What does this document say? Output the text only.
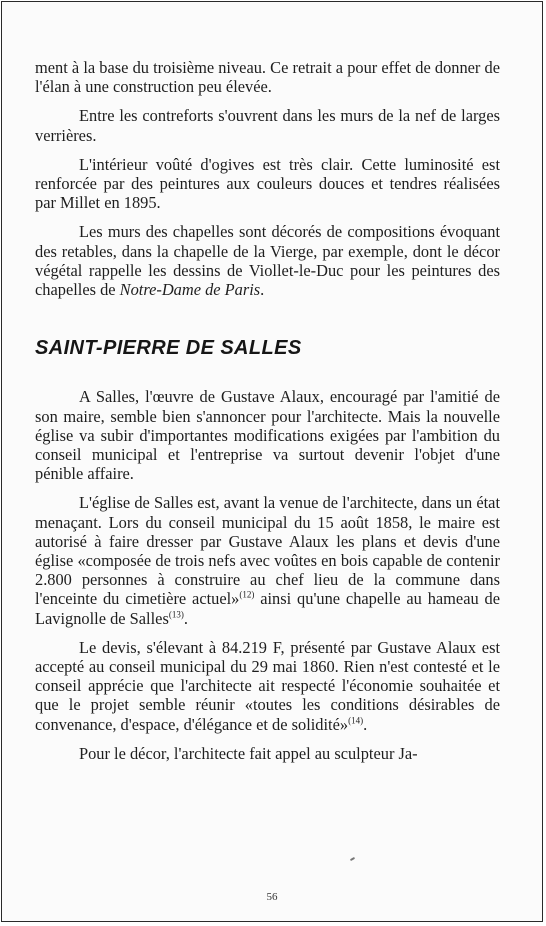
ment à la base du troisième niveau. Ce retrait a pour effet de donner de l'élan à une construction peu élevée.

Entre les contreforts s'ouvrent dans les murs de la nef de larges verrières.

L'intérieur voûté d'ogives est très clair. Cette luminosité est renforcée par des peintures aux couleurs douces et tendres réalisées par Millet en 1895.

Les murs des chapelles sont décorés de compositions évoquant des retables, dans la chapelle de la Vierge, par exemple, dont le décor végétal rappelle les dessins de Viollet-le-Duc pour les peintures des chapelles de Notre-Dame de Paris.

SAINT-PIERRE DE SALLES

A Salles, l'œuvre de Gustave Alaux, encouragé par l'amitié de son maire, semble bien s'annoncer pour l'architecte. Mais la nouvelle église va subir d'importantes modifications exigées par l'ambition du conseil municipal et l'entreprise va surtout devenir l'objet d'une pénible affaire.

L'église de Salles est, avant la venue de l'architecte, dans un état menaçant. Lors du conseil municipal du 15 août 1858, le maire est autorisé à faire dresser par Gustave Alaux les plans et devis d'une église «composée de trois nefs avec voûtes en bois capable de contenir 2.800 personnes à construire au chef lieu de la commune dans l'enceinte du cimetière actuel»$^{(12)}$ ainsi qu'une chapelle au hameau de Lavignolle de Salles$^{(13)}$.

Le devis, s'élevant à 84.219 F, présenté par Gustave Alaux est accepté au conseil municipal du 29 mai 1860. Rien n'est contesté et le conseil apprécie que l'architecte ait respecté l'économie souhaitée et que le projet semble réunir «toutes les conditions désirables de convenance, d'espace, d'élégance et de solidité»$^{(14)}$.

Pour le décor, l'architecte fait appel au sculpteur Ja-

56
